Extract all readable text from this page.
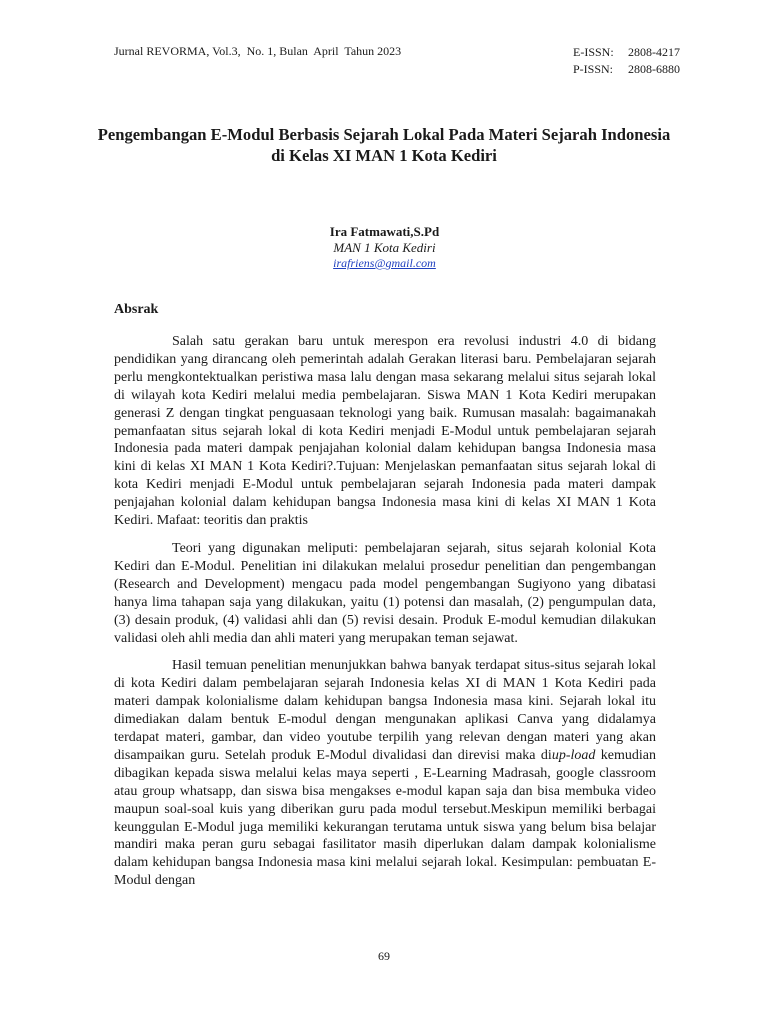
Jurnal REVORMA, Vol.3,  No. 1, Bulan  April  Tahun 2023	E-ISSN: 2808-4217
P-ISSN: 2808-6880
Pengembangan E-Modul Berbasis Sejarah Lokal Pada Materi Sejarah Indonesia di Kelas XI MAN 1 Kota Kediri
Ira Fatmawati,S.Pd
MAN 1 Kota Kediri
irafriens@gmail.com
Absrak

Salah satu gerakan baru untuk merespon era revolusi industri 4.0 di bidang pendidikan yang dirancang oleh pemerintah adalah Gerakan literasi baru. Pembelajaran sejarah perlu mengkontektualkan peristiwa masa lalu dengan masa sekarang melalui situs sejarah lokal di wilayah kota Kediri melalui media pembelajaran. Siswa MAN 1 Kota Kediri merupakan generasi Z dengan tingkat penguasaan teknologi yang baik. Rumusan masalah: bagaimanakah pemanfaatan situs sejarah lokal di kota Kediri menjadi E-Modul untuk pembelajaran sejarah Indonesia pada materi dampak penjajahan kolonial dalam kehidupan bangsa Indonesia masa kini di kelas XI MAN 1 Kota Kediri?.Tujuan: Menjelaskan pemanfaatan situs sejarah lokal di kota Kediri menjadi E-Modul untuk pembelajaran sejarah Indonesia pada materi dampak penjajahan kolonial dalam kehidupan bangsa Indonesia masa kini di kelas XI MAN 1 Kota Kediri. Mafaat: teoritis dan praktis

Teori yang digunakan meliputi: pembelajaran sejarah, situs sejarah kolonial Kota Kediri dan E-Modul. Penelitian ini dilakukan melalui prosedur penelitian dan pengembangan (Research and Development) mengacu pada model pengembangan Sugiyono yang dibatasi hanya lima tahapan saja yang dilakukan, yaitu (1) potensi dan masalah, (2) pengumpulan data, (3) desain produk, (4) validasi ahli dan (5) revisi desain. Produk E-modul kemudian dilakukan validasi oleh ahli media dan ahli materi yang merupakan teman sejawat.

Hasil temuan penelitian menunjukkan bahwa banyak terdapat situs-situs sejarah lokal di kota Kediri dalam pembelajaran sejarah Indonesia kelas XI di MAN 1 Kota Kediri pada materi dampak kolonialisme dalam kehidupan bangsa Indonesia masa kini. Sejarah lokal itu dimediakan dalam bentuk E-modul dengan mengunakan aplikasi Canva yang didalamya terdapat materi, gambar, dan video youtube terpilih yang relevan dengan materi yang akan disampaikan guru. Setelah produk E-Modul divalidasi dan direvisi maka diup-load kemudian dibagikan kepada siswa melalui kelas maya seperti , E-Learning Madrasah, google classroom atau group whatsapp, dan siswa bisa mengakses e-modul kapan saja dan bisa membuka video maupun soal-soal kuis yang diberikan guru pada modul tersebut.Meskipun memiliki berbagai keunggulan E-Modul juga memiliki kekurangan terutama untuk siswa yang belum bisa belajar mandiri maka peran guru sebagai fasilitator masih diperlukan dalam dampak kolonialisme dalam kehidupan bangsa Indonesia masa kini melalui sejarah lokal. Kesimpulan: pembuatan E-Modul dengan

69
